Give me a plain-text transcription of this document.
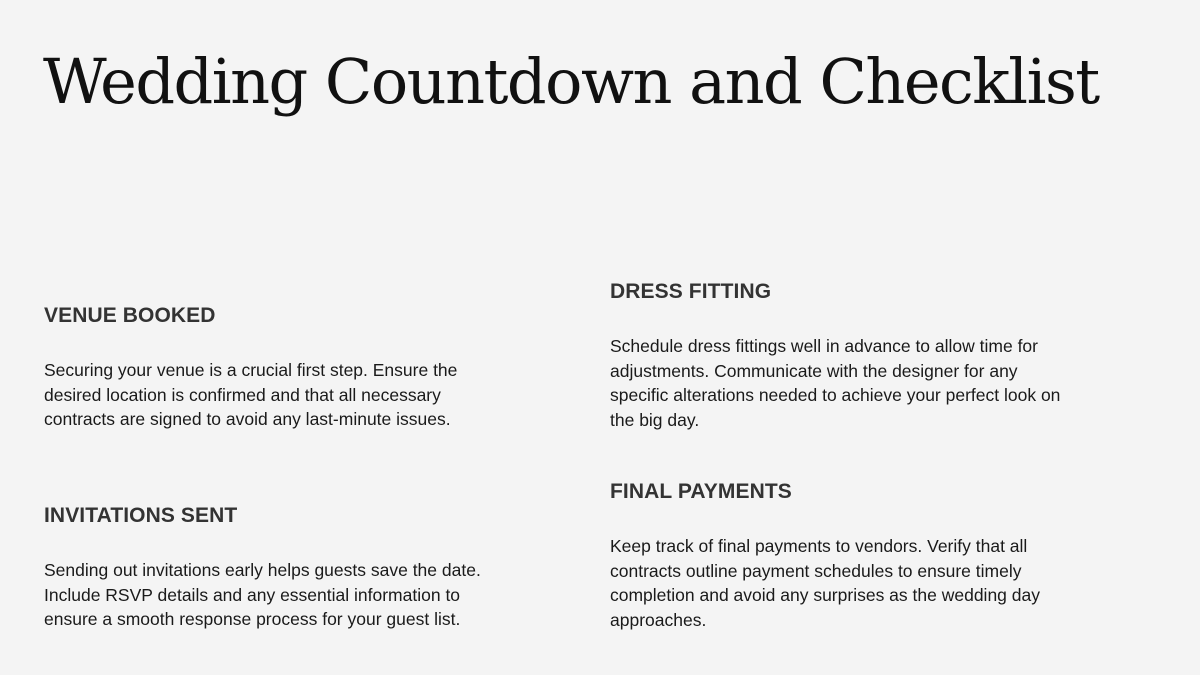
Wedding Countdown and Checklist
VENUE BOOKED

Securing your venue is a crucial first step. Ensure the desired location is confirmed and that all necessary contracts are signed to avoid any last-minute issues.

INVITATIONS SENT

Sending out invitations early helps guests save the date. Include RSVP details and any essential information to ensure a smooth response process for your guest list.

DRESS FITTING

Schedule dress fittings well in advance to allow time for adjustments. Communicate with the designer for any specific alterations needed to achieve your perfect look on the big day.

FINAL PAYMENTS

Keep track of final payments to vendors. Verify that all contracts outline payment schedules to ensure timely completion and avoid any surprises as the wedding day approaches.
